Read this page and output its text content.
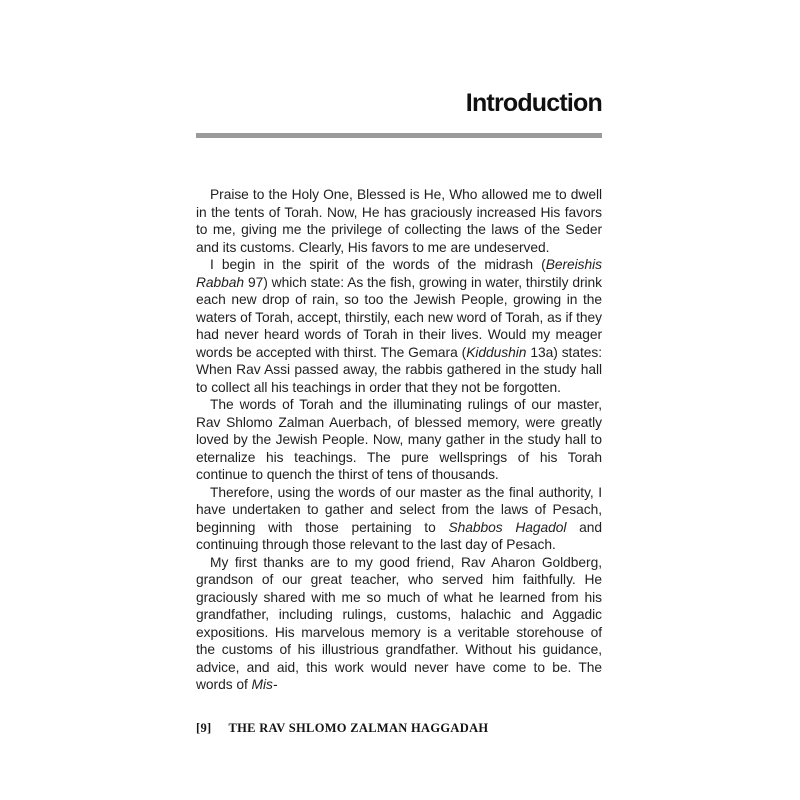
Introduction

Praise to the Holy One, Blessed is He, Who allowed me to dwell in the tents of Torah. Now, He has graciously increased His favors to me, giving me the privilege of collecting the laws of the Seder and its customs. Clearly, His favors to me are undeserved.

I begin in the spirit of the words of the midrash (Bereishis Rabbah 97) which state: As the fish, growing in water, thirstily drink each new drop of rain, so too the Jewish People, growing in the waters of Torah, accept, thirstily, each new word of Torah, as if they had never heard words of Torah in their lives. Would my meager words be accepted with thirst. The Gemara (Kiddushin 13a) states: When Rav Assi passed away, the rabbis gathered in the study hall to collect all his teachings in order that they not be forgotten.

The words of Torah and the illuminating rulings of our master, Rav Shlomo Zalman Auerbach, of blessed memory, were greatly loved by the Jewish People. Now, many gather in the study hall to eternalize his teachings. The pure wellsprings of his Torah continue to quench the thirst of tens of thousands.

Therefore, using the words of our master as the final authority, I have undertaken to gather and select from the laws of Pesach, beginning with those pertaining to Shabbos Hagadol and continuing through those relevant to the last day of Pesach.

My first thanks are to my good friend, Rav Aharon Goldberg, grandson of our great teacher, who served him faithfully. He graciously shared with me so much of what he learned from his grandfather, including rulings, customs, halachic and Aggadic expositions. His marvelous memory is a veritable storehouse of the customs of his illustrious grandfather. Without his guidance, advice, and aid, this work would never have come to be. The words of Mis-

[9] THE RAV SHLOMO ZALMAN HAGGADAH
